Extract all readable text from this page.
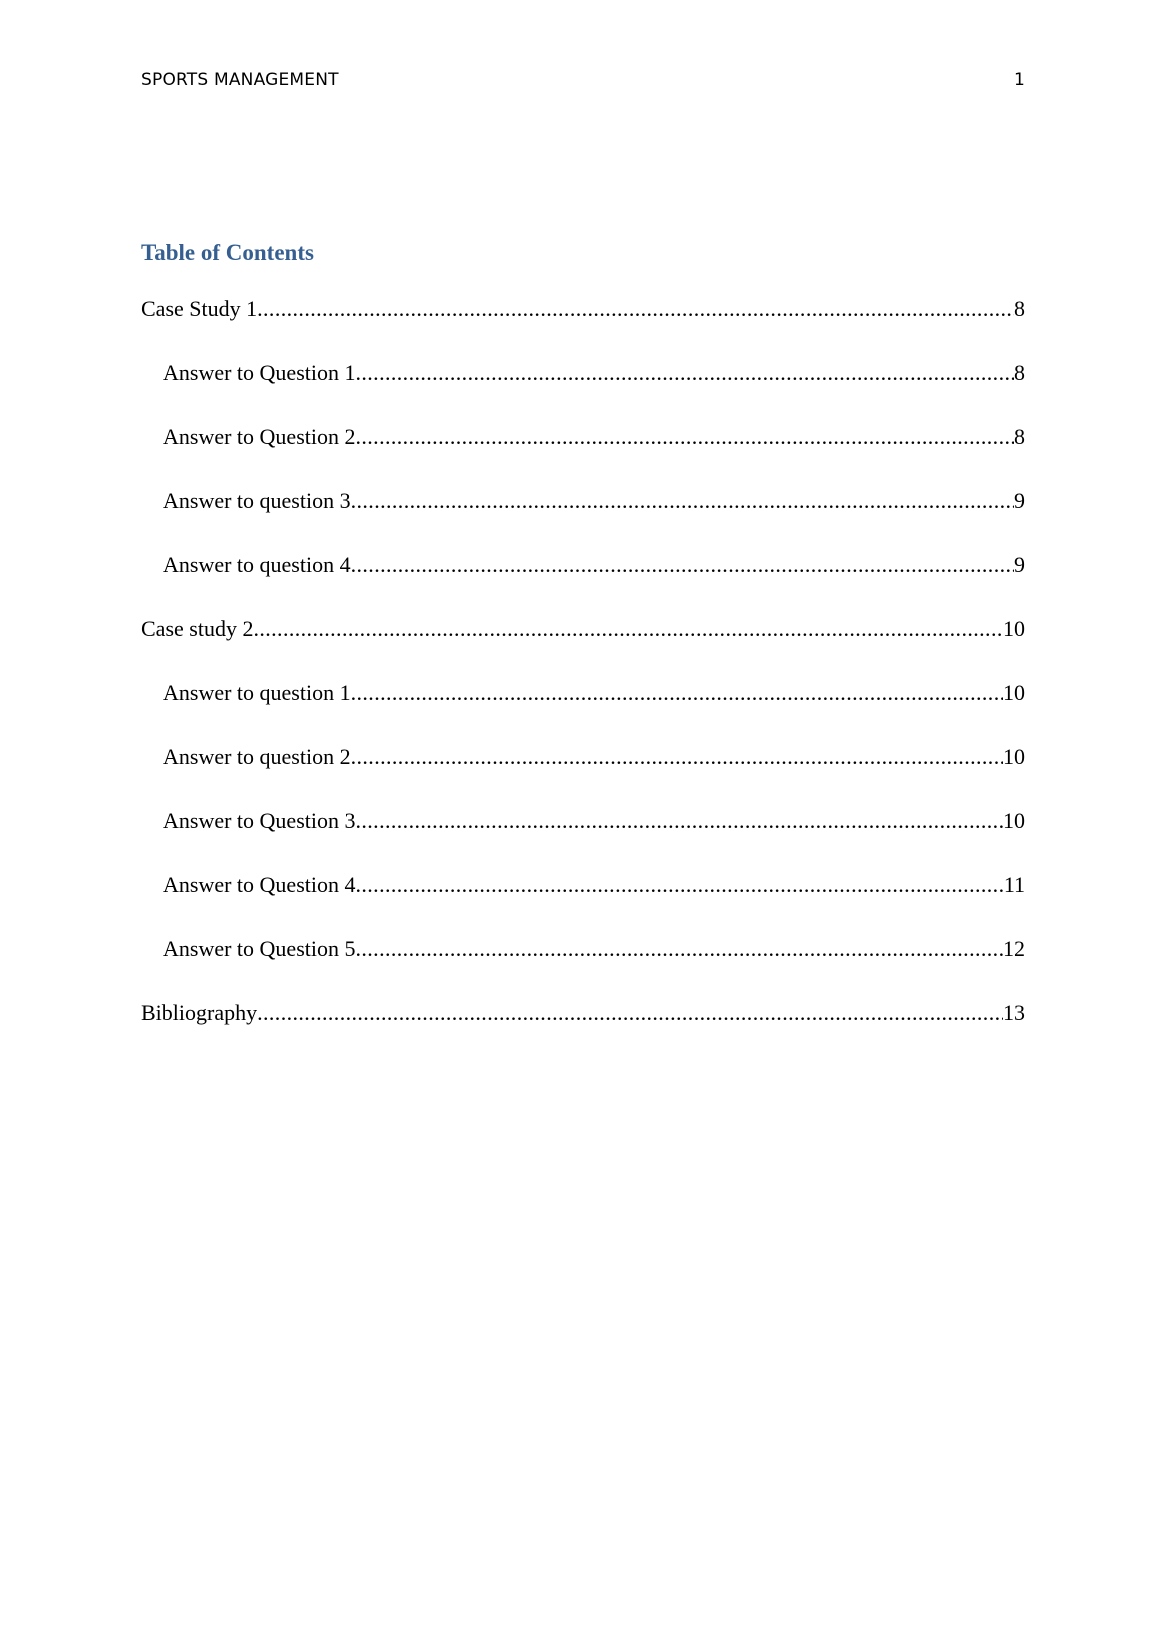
SPORTS MANAGEMENT	1
Table of Contents
Case Study 1 .....	8
Answer to Question 1 .....	8
Answer to Question 2 .....	8
Answer to question 3 .....	9
Answer to question 4 .....	9
Case study 2 .....	10
Answer to question 1 .....	10
Answer to question 2 .....	10
Answer to Question 3 .....	10
Answer to Question 4 .....	11
Answer to Question 5 .....	12
Bibliography .....	13
